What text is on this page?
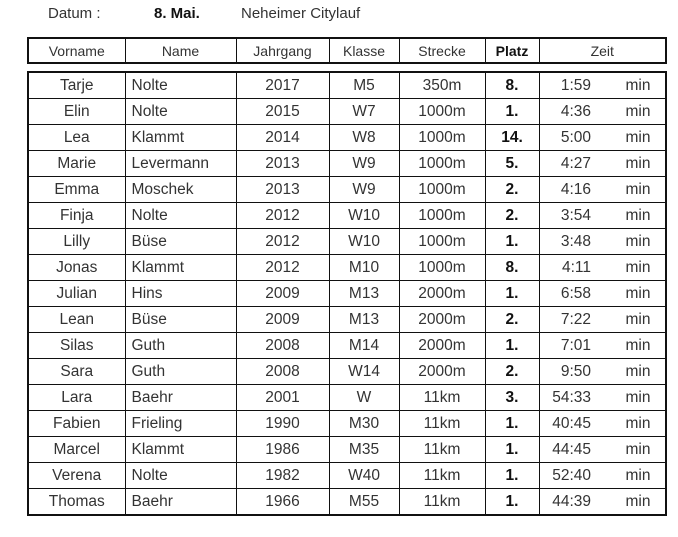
Datum :	8. Mai.	Neheimer Citylauf
Vorname	Name	Jahrgang	Klasse	Strecke	Platz	Zeit
Tarje	Nolte	2017	M5	350m	8.	1:59 min

Elin	Nolte	2015	W7	1000m	1.	4:36 min

Lea	Klammt	2014	W8	1000m	14.	5:00 min

Marie	Levermann	2013	W9	1000m	5.	4:27 min

Emma	Moschek	2013	W9	1000m	2.	4:16 min

Finja	Nolte	2012	W10	1000m	2.	3:54 min

Lilly	Büse	2012	W10	1000m	1.	3:48 min

Jonas	Klammt	2012	M10	1000m	8.	4:11 min

Julian	Hins	2009	M13	2000m	1.	6:58 min

Lean	Büse	2009	M13	2000m	2.	7:22 min

Silas	Guth	2008	M14	2000m	1.	7:01 min

Sara	Guth	2008	W14	2000m	2.	9:50 min

Lara	Baehr	2001	W	11km	3.	54:33 min

Fabien	Frieling	1990	M30	11km	1.	40:45 min

Marcel	Klammt	1986	M35	11km	1.	44:45 min

Verena	Nolte	1982	W40	11km	1.	52:40 min

Thomas	Baehr	1966	M55	11km	1.	44:39 min
